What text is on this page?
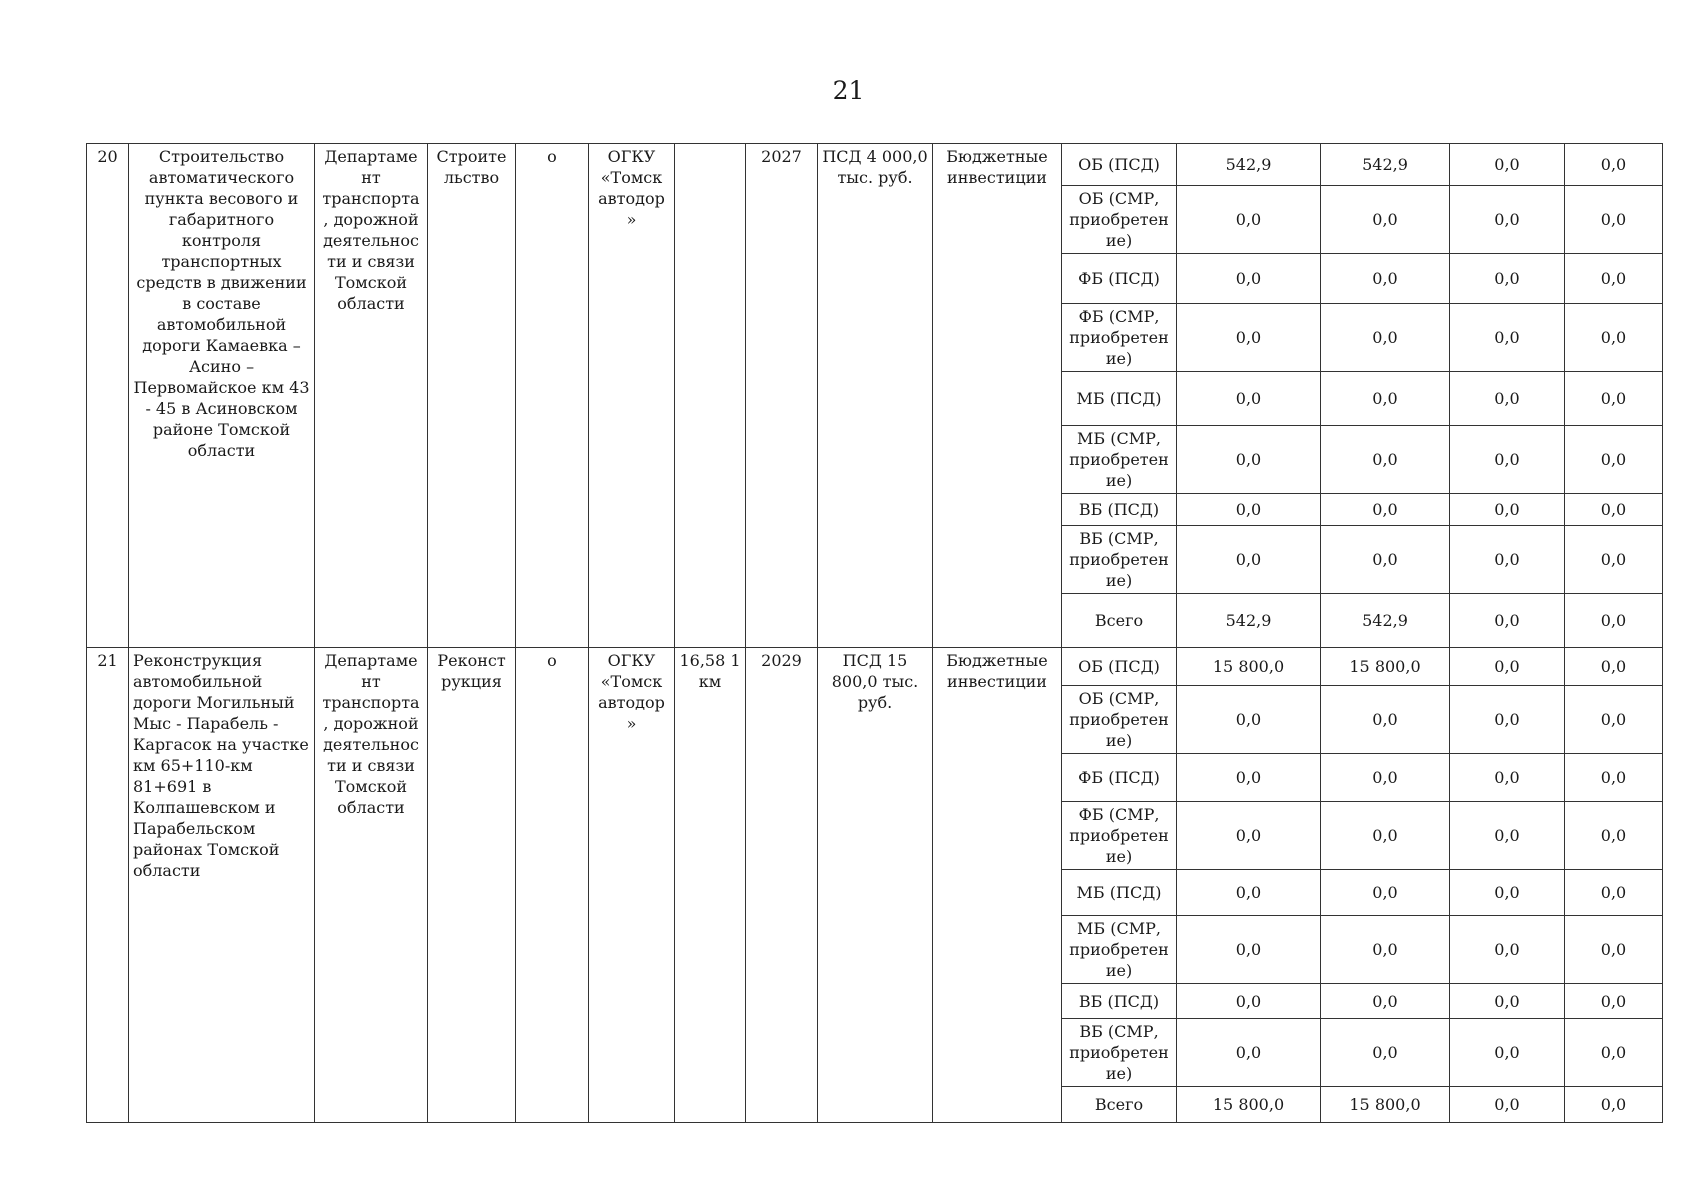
21
20	Строительство автоматического пункта весового и габаритного контроля транспортных средств в движении в составе автомобильной дороги Камаевка – Асино – Первомайское км 43 - 45 в Асиновском районе Томской области	Департаме нт транспорта , дорожной деятельнос ти и связи Томской области	Строите льство	о	ОГКУ «Томск автодор »		2027	ПСД 4 000,0 тыс. руб.	Бюджетные инвестиции	ОБ (ПСД)	542,9	542,9	0,0	0,0
										ОБ (СМР, приобретен ие)	0,0	0,0	0,0	0,0
										ФБ (ПСД)	0,0	0,0	0,0	0,0
										ФБ (СМР, приобретен ие)	0,0	0,0	0,0	0,0
										МБ (ПСД)	0,0	0,0	0,0	0,0
										МБ (СМР, приобретен ие)	0,0	0,0	0,0	0,0
										ВБ (ПСД)	0,0	0,0	0,0	0,0
										ВБ (СМР, приобретен ие)	0,0	0,0	0,0	0,0
										Всего	542,9	542,9	0,0	0,0
21	Реконструкция автомобильной дороги Могильный Мыс - Парабель - Каргасок на участке км 65+110-км 81+691 в Колпашевском и Парабельском районах Томской области	Департаме нт транспорта , дорожной деятельнос ти и связи Томской области	Реконст рукция	о	ОГКУ «Томск автодор »	16,58 1 км	2029	ПСД 15 800,0 тыс. руб.	Бюджетные инвестиции	ОБ (ПСД)	15 800,0	15 800,0	0,0	0,0
										ОБ (СМР, приобретен ие)	0,0	0,0	0,0	0,0
										ФБ (ПСД)	0,0	0,0	0,0	0,0
										ФБ (СМР, приобретен ие)	0,0	0,0	0,0	0,0
										МБ (ПСД)	0,0	0,0	0,0	0,0
										МБ (СМР, приобретен ие)	0,0	0,0	0,0	0,0
										ВБ (ПСД)	0,0	0,0	0,0	0,0
										ВБ (СМР, приобретен ие)	0,0	0,0	0,0	0,0
										Всего	15 800,0	15 800,0	0,0	0,0
